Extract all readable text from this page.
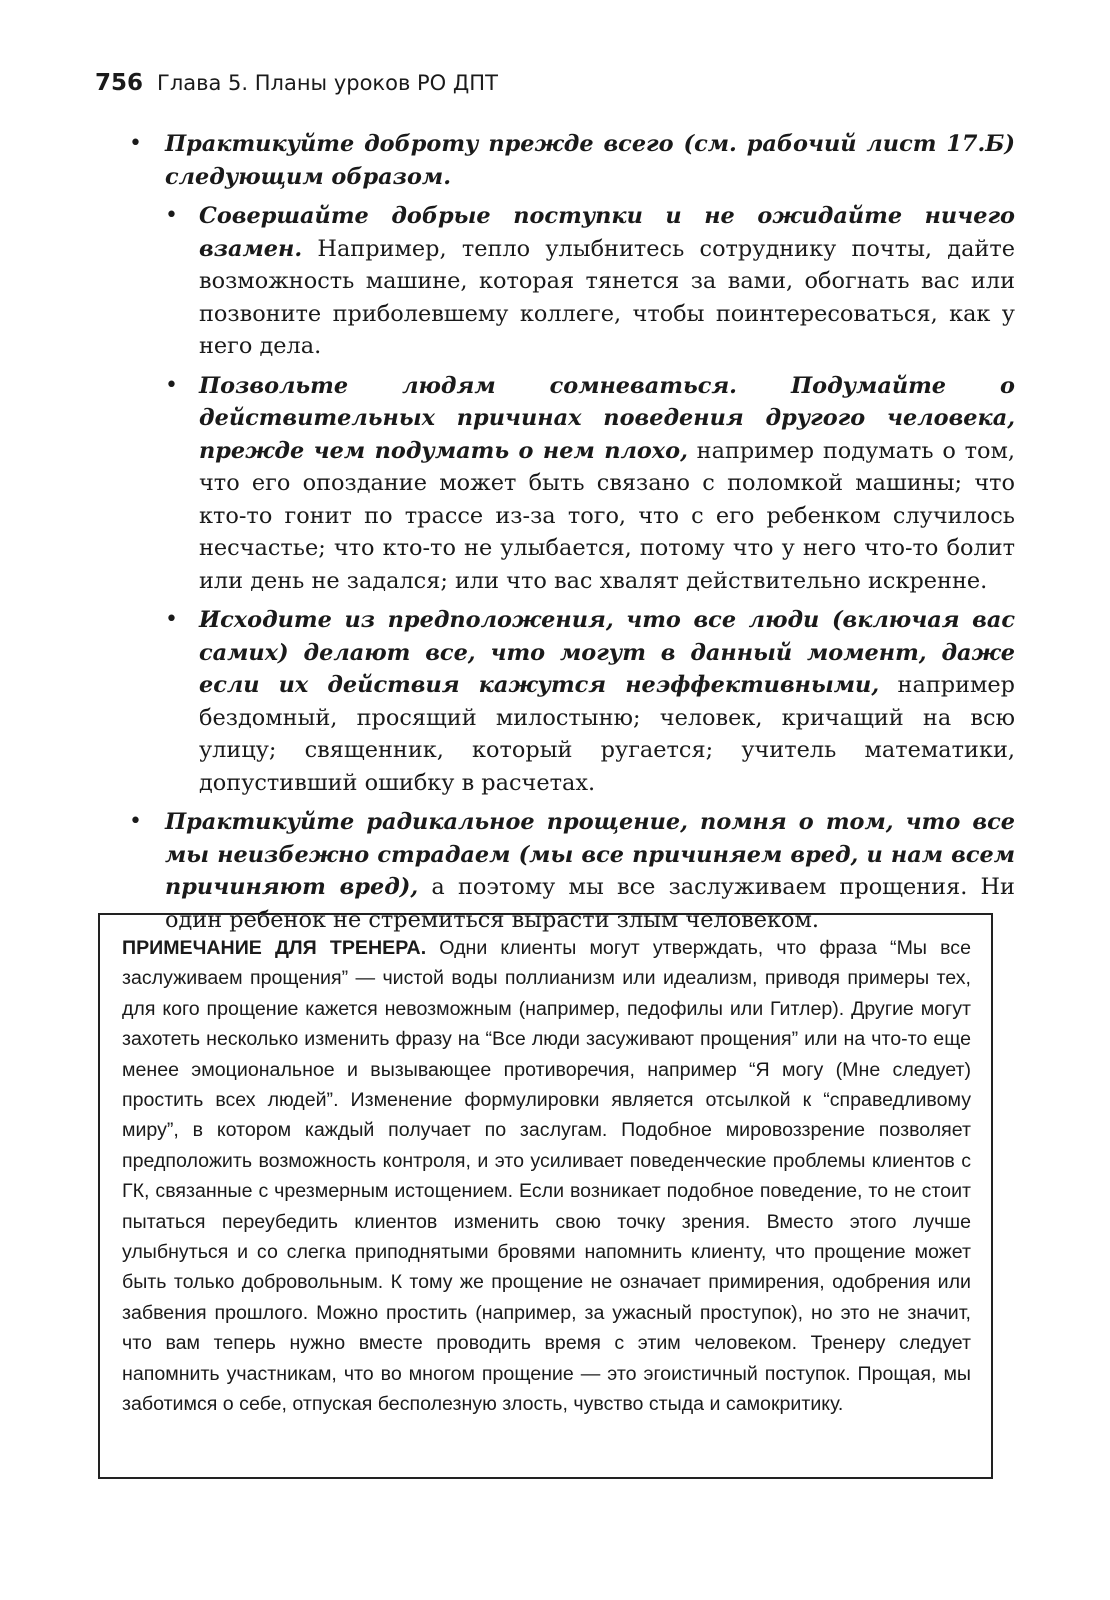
756 Глава 5. Планы уроков РО ДПТ
• Практикуйте доброту прежде всего (см. рабочий лист 17.Б) следующим образом.
• Совершайте добрые поступки и не ожидайте ничего взамен. Например, тепло улыбнитесь сотруднику почты, дайте возможность машине, которая тянется за вами, обогнать вас или позвоните приболевшему коллеге, чтобы поинтересоваться, как у него дела.
• Позвольте людям сомневаться. Подумайте о действительных причинах поведения другого человека, прежде чем подумать о нем плохо, например подумать о том, что его опоздание может быть связано с поломкой машины; что кто-то гонит по трассе из-за того, что с его ребенком случилось несчастье; что кто-то не улыбается, потому что у него что-то болит или день не задался; или что вас хвалят действительно искренне.
• Исходите из предположения, что все люди (включая вас самих) делают все, что могут в данный момент, даже если их действия кажутся неэффективными, например бездомный, просящий милостыню; человек, кричащий на всю улицу; священник, который ругается; учитель математики, допустивший ошибку в расчетах.
• Практикуйте радикальное прощение, помня о том, что все мы неизбежно страдаем (мы все причиняем вред, и нам всем причиняют вред), а поэтому мы все заслуживаем прощения. Ни один ребенок не стремиться вырасти злым человеком.

ПРИМЕЧАНИЕ ДЛЯ ТРЕНЕРА. Одни клиенты могут утверждать, что фраза “Мы все заслуживаем прощения” — чистой воды поллианизм или идеализм, приводя примеры тех, для кого прощение кажется невозможным (например, педофилы или Гитлер). Другие могут захотеть несколько изменить фразу на “Все люди засуживают прощения” или на что-то еще менее эмоциональное и вызывающее противоречия, например “Я могу (Мне следует) простить всех людей”. Изменение формулировки является отсылкой к “справедливому миру”, в котором каждый получает по заслугам. Подобное мировоззрение позволяет предположить возможность контроля, и это усиливает поведенческие проблемы клиентов с ГК, связанные с чрезмерным истощением. Если возникает подобное поведение, то не стоит пытаться переубедить клиентов изменить свою точку зрения. Вместо этого лучше улыбнуться и со слегка приподнятыми бровями напомнить клиенту, что прощение может быть только добровольным. К тому же прощение не означает примирения, одобрения или забвения прошлого. Можно простить (например, за ужасный проступок), но это не значит, что вам теперь нужно вместе проводить время с этим человеком. Тренеру следует напомнить участникам, что во многом прощение — это эгоистичный поступок. Прощая, мы заботимся о себе, отпуская бесполезную злость, чувство стыда и самокритику.
